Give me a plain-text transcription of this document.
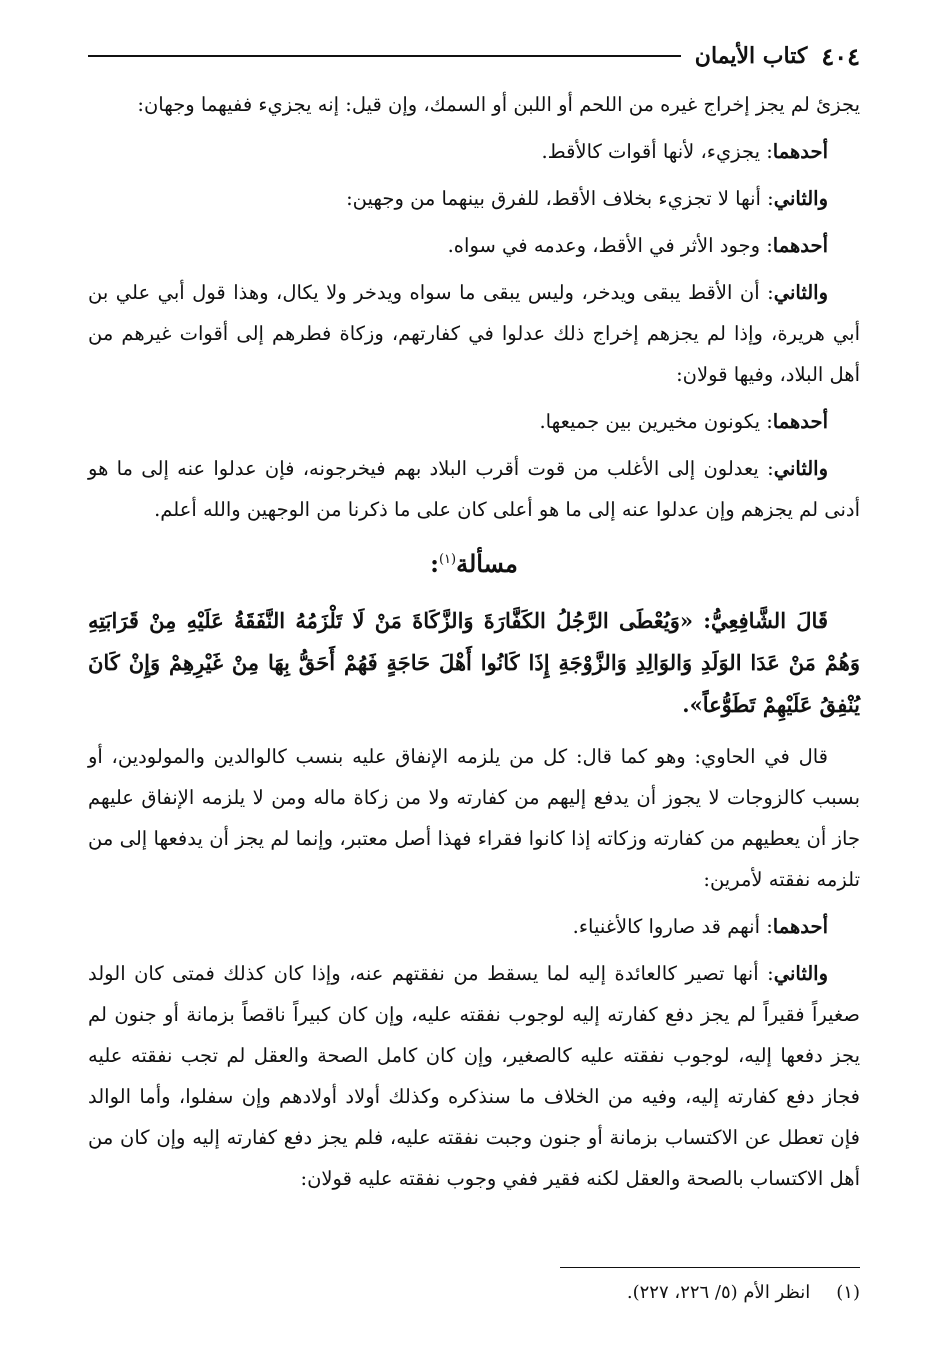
٤٠٤
كتاب الأيمان

يجزئ لم يجز إخراج غيره من اللحم أو اللبن أو السمك، وإن قيل: إنه يجزيء ففيهما وجهان:

أحدهما: يجزيء، لأنها أقوات كالأقط.

والثاني: أنها لا تجزيء بخلاف الأقط، للفرق بينهما من وجهين:

أحدهما: وجود الأثر في الأقط، وعدمه في سواه.

والثاني: أن الأقط يبقى ويدخر، وليس يبقى ما سواه ويدخر ولا يكال، وهذا قول أبي علي بن أبي هريرة، وإذا لم يجزهم إخراج ذلك عدلوا في كفارتهم، وزكاة فطرهم إلى أقوات غيرهم من أهل البلاد، وفيها قولان:

أحدهما: يكونون مخيرين بين جميعها.

والثاني: يعدلون إلى الأغلب من قوت أقرب البلاد بهم فيخرجونه، فإن عدلوا عنه إلى ما هو أدنى لم يجزهم وإن عدلوا عنه إلى ما هو أعلى كان على ما ذكرنا من الوجهين والله أعلم.

مسألة$^{(١)}$:

قَالَ الشَّافِعِيُّ: «وَيُعْطَى الرَّجُلُ الكَفَّارَةَ وَالزَّكَاةَ مَنْ لَا تَلْزَمُهُ النَّفَقَةُ عَلَيْهِ مِنْ قَرَابَتِهِ وَهُمْ مَنْ عَدَا الوَلَدِ وَالوَالِدِ وَالزَّوْجَةِ إِذَا كَانُوا أَهْلَ حَاجَةٍ فَهُمْ أَحَقُّ بِهَا مِنْ غَيْرِهِمْ وَإِنْ كَانَ يُنْفِقُ عَلَيْهِمْ تَطَوُّعاً».

قال في الحاوي: وهو كما قال: كل من يلزمه الإنفاق عليه بنسب كالوالدين والمولودين، أو بسبب كالزوجات لا يجوز أن يدفع إليهم من كفارته ولا من زكاة ماله ومن لا يلزمه الإنفاق عليهم جاز أن يعطيهم من كفارته وزكاته إذا كانوا فقراء فهذا أصل معتبر، وإنما لم يجز أن يدفعها إلى من تلزمه نفقته لأمرين:

أحدهما: أنهم قد صاروا كالأغنياء.

والثاني: أنها تصير كالعائدة إليه لما يسقط من نفقتهم عنه، وإذا كان كذلك فمتى كان الولد صغيراً فقيراً لم يجز دفع كفارته إليه لوجوب نفقته عليه، وإن كان كبيراً ناقصاً بزمانة أو جنون لم يجز دفعها إليه، لوجوب نفقته عليه كالصغير، وإن كان كامل الصحة والعقل لم تجب نفقته عليه فجاز دفع كفارته إليه، وفيه من الخلاف ما سنذكره وكذلك أولاد أولادهم وإن سفلوا، وأما الوالد فإن تعطل عن الاكتساب بزمانة أو جنون وجبت نفقته عليه، فلم يجز دفع كفارته إليه وإن كان من أهل الاكتساب بالصحة والعقل لكنه فقير ففي وجوب نفقته عليه قولان:

(١)انظر الأم (٥/ ٢٢٦، ٢٢٧).
